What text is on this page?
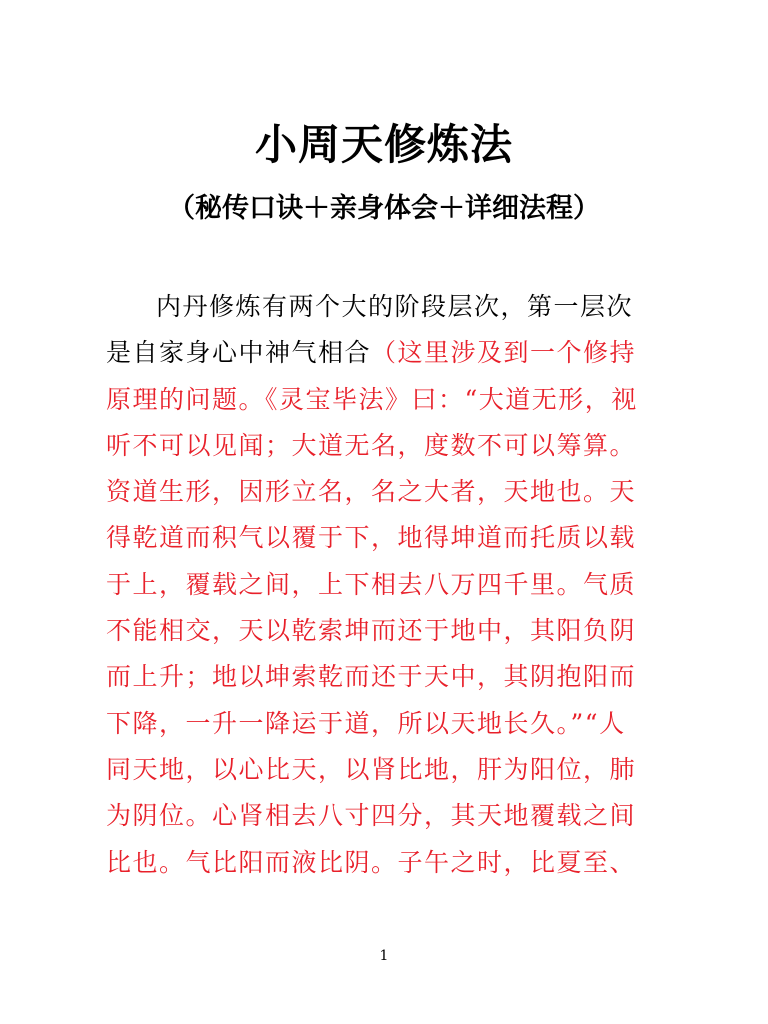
小周天修炼法
（秘传口诀＋亲身体会＋详细法程）
内丹修炼有两个大的阶段层次，第一层次
是自家身心中神气相合（这里涉及到一个修持
原理的问题。《灵宝毕法》曰：“大道无形，视
听不可以见闻；大道无名，度数不可以筹算。
资道生形，因形立名，名之大者，天地也。天
得乾道而积气以覆于下，地得坤道而托质以载
于上，覆载之间，上下相去八万四千里。气质
不能相交，天以乾索坤而还于地中，其阳负阴
而上升；地以坤索乾而还于天中，其阴抱阳而
下降，一升一降运于道，所以天地长久。”“人
同天地，以心比天，以肾比地，肝为阳位，肺
为阴位。心肾相去八寸四分，其天地覆载之间
比也。气比阳而液比阴。子午之时，比夏至、
1
